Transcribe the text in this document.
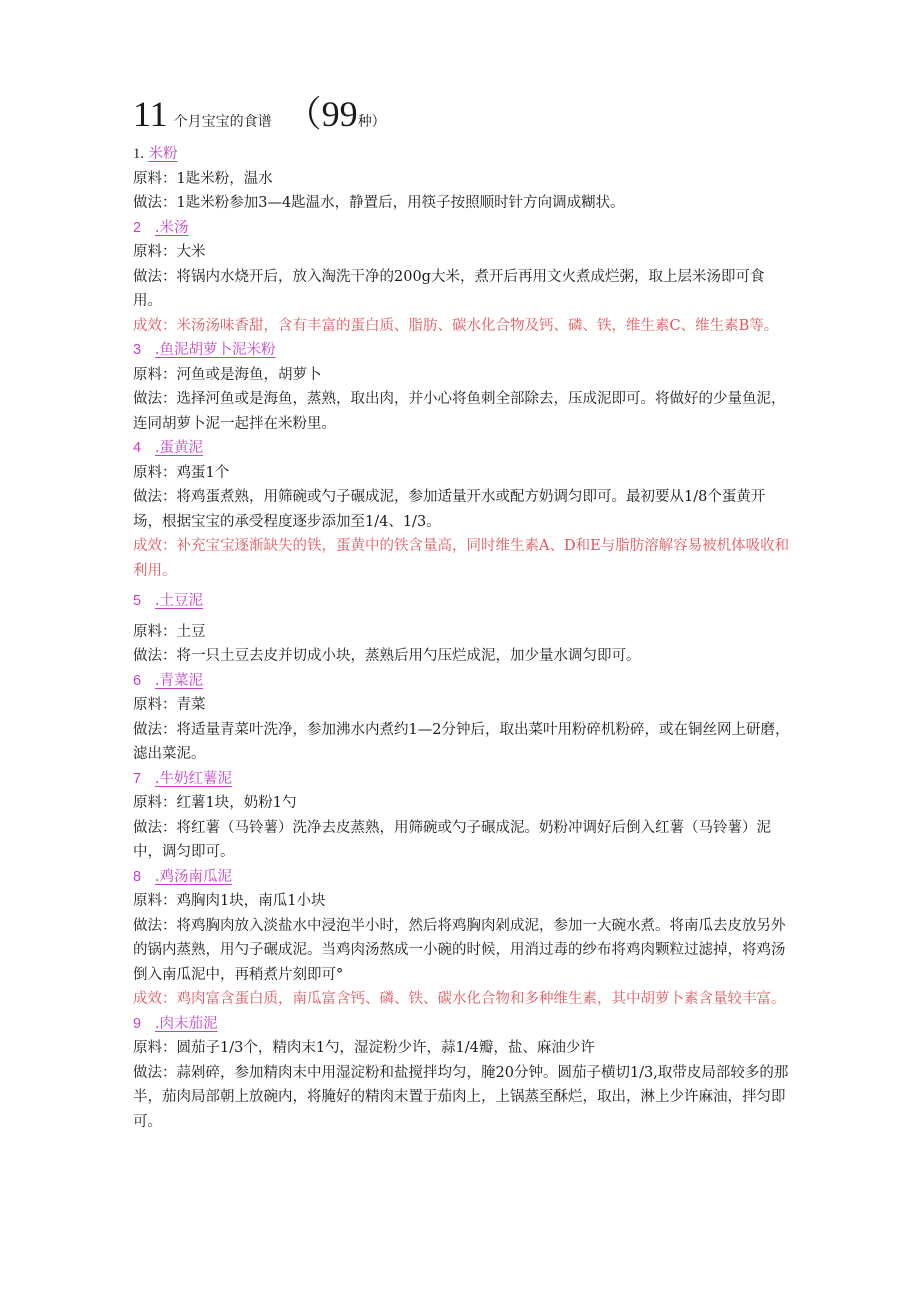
11 个月宝宝的食谱 （99种）

1. 米粉

原料：1匙米粉，温水

做法：1匙米粉参加3—4匙温水，静置后，用筷子按照顺时针方向调成糊状。

2 .米汤

原料：大米

做法：将锅内水烧开后，放入淘洗干净的200g大米，煮开后再用文火煮成烂粥，取上层米汤即可食用。

成效：米汤汤味香甜，含有丰富的蛋白质、脂肪、碳水化合物及钙、磷、铁，维生素C、维生素B等。

3 .鱼泥胡萝卜泥米粉

原料：河鱼或是海鱼，胡萝卜

做法：选择河鱼或是海鱼，蒸熟，取出肉，并小心将鱼刺全部除去，压成泥即可。将做好的少量鱼泥，连同胡萝卜泥一起拌在米粉里。

4 .蛋黄泥

原料：鸡蛋1个

做法：将鸡蛋煮熟，用筛碗或勺子碾成泥，参加适量开水或配方奶调匀即可。最初要从1/8个蛋黄开场，根据宝宝的承受程度逐步添加至1/4、1/3。

成效：补充宝宝逐渐缺失的铁，蛋黄中的铁含量高，同时维生素A、D和E与脂肪溶解容易被机体吸收和利用。

5 .土豆泥

原料：土豆

做法：将一只土豆去皮并切成小块，蒸熟后用勺压烂成泥，加少量水调匀即可。

6 .青菜泥

原料：青菜

做法：将适量青菜叶洗净，参加沸水内煮约1—2分钟后，取出菜叶用粉碎机粉碎，或在铜丝网上研磨，滤出菜泥。

7 .牛奶红薯泥

原料：红薯1块，奶粉1勺

做法：将红薯（马铃薯）洗净去皮蒸熟，用筛碗或勺子碾成泥。奶粉冲调好后倒入红薯（马铃薯）泥中，调匀即可。

8 .鸡汤南瓜泥

原料：鸡胸肉1块，南瓜1小块

做法：将鸡胸肉放入淡盐水中浸泡半小时，然后将鸡胸肉剁成泥，参加一大碗水煮。将南瓜去皮放另外的锅内蒸熟，用勺子碾成泥。当鸡肉汤熬成一小碗的时候，用消过毒的纱布将鸡肉颗粒过滤掉，将鸡汤倒入南瓜泥中，再稍煮片刻即可°

成效：鸡肉富含蛋白质，南瓜富含钙、磷、铁、碳水化合物和多种维生素，其中胡萝卜素含量较丰富。

9 .肉末茄泥

原料：圆茄子1/3个，精肉末1勺，湿淀粉少许，蒜1/4瓣，盐、麻油少许

做法：蒜剁碎，参加精肉末中用湿淀粉和盐搅拌均匀，腌20分钟。圆茄子横切1/3,取带皮局部较多的那半，茄肉局部朝上放碗内，将腌好的精肉末置于茄肉上，上锅蒸至酥烂，取出，淋上少许麻油，拌匀即可。
